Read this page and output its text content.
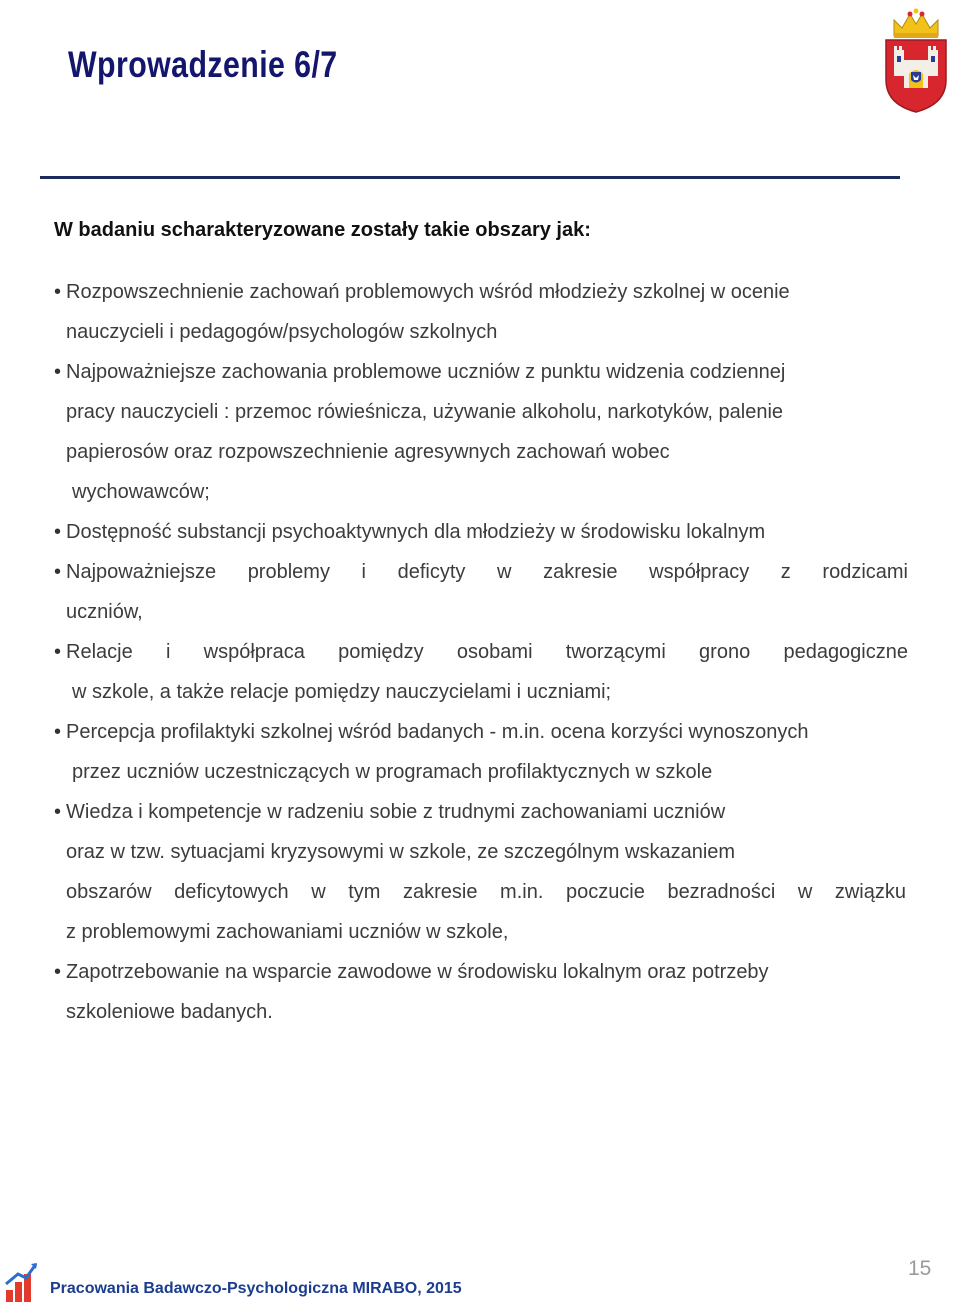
Wprowadzenie 6/7
W badaniu scharakteryzowane zostały takie obszary jak:
• Rozpowszechnienie zachowań problemowych wśród młodzieży szkolnej w ocenie
nauczycieli i pedagogów/psychologów szkolnych
• Najpoważniejsze zachowania problemowe uczniów z punktu widzenia codziennej
pracy nauczycieli : przemoc rówieśnicza, używanie alkoholu, narkotyków, palenie
papierosów oraz rozpowszechnienie agresywnych zachowań wobec
wychowawców;
• Dostępność substancji psychoaktywnych dla młodzieży w środowisku lokalnym
• Najpoważniejsze problemy i deficyty w zakresie współpracy z rodzicami
uczniów,
• Relacje i współpraca pomiędzy osobami tworzącymi grono pedagogiczne
w szkole, a także relacje pomiędzy nauczycielami i uczniami;
• Percepcja profilaktyki szkolnej wśród badanych - m.in. ocena korzyści wynoszonych
przez uczniów uczestniczących w programach profilaktycznych w szkole
• Wiedza i kompetencje w radzeniu sobie z trudnymi zachowaniami uczniów
oraz w tzw. sytuacjami kryzysowymi w szkole, ze szczególnym wskazaniem
obszarów deficytowych w tym zakresie m.in. poczucie bezradności w związku
z problemowymi zachowaniami uczniów w szkole,
• Zapotrzebowanie na wsparcie zawodowe w środowisku lokalnym oraz potrzeby
szkoleniowe badanych.
Pracowania Badawczo-Psychologiczna MIRABO, 2015
15
